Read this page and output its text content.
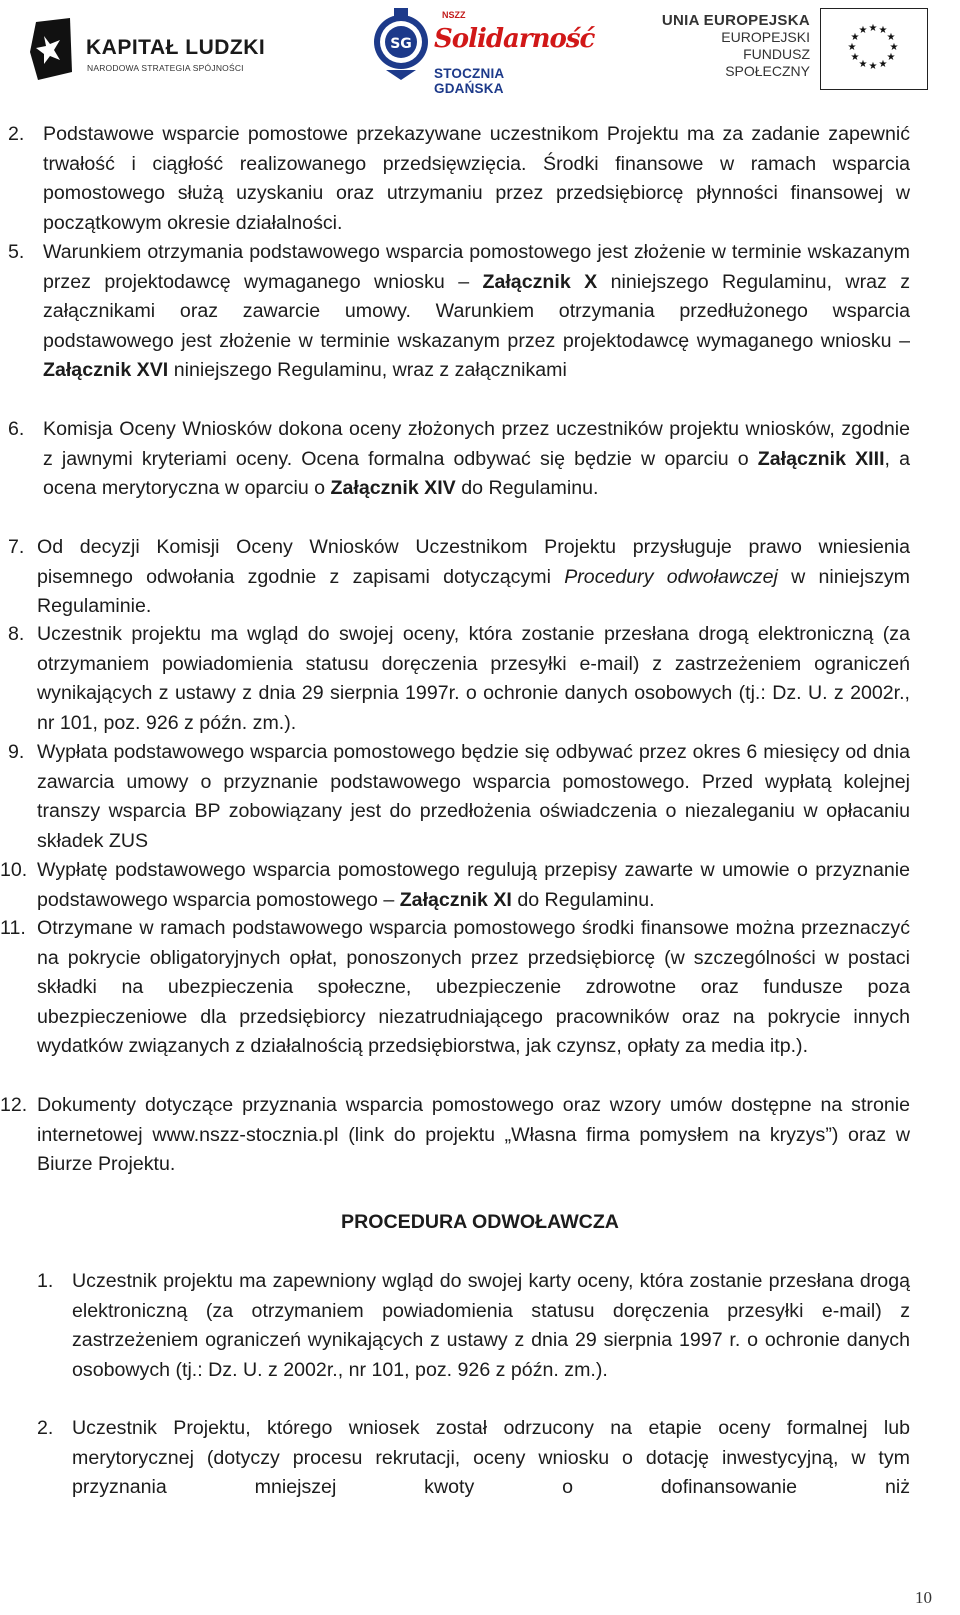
KAPITAŁ LUDZKI
NARODOWA STRATEGIA SPÓJNOŚCI
SG
NSZZ
Solidarność
STOCZNIA GDAŃSKA
UNIA EUROPEJSKA
EUROPEJSKI
FUNDUSZ SPOŁECZNY
★ ★
★
★
★
★
★
★
★
★
★
★
2. Podstawowe wsparcie pomostowe przekazywane uczestnikom Projektu ma za zadanie zapewnić trwałość i ciągłość realizowanego przedsięwzięcia. Środki finansowe w ramach wsparcia pomostowego służą uzyskaniu oraz utrzymaniu przez przedsiębiorcę płynności finansowej w początkowym okresie działalności.
5. Warunkiem otrzymania podstawowego wsparcia pomostowego jest złożenie w terminie wskazanym przez projektodawcę wymaganego wniosku – Załącznik X niniejszego Regulaminu, wraz z załącznikami oraz zawarcie umowy. Warunkiem otrzymania przedłużonego wsparcia podstawowego jest złożenie w terminie wskazanym przez projektodawcę wymaganego wniosku – Załącznik XVI niniejszego Regulaminu, wraz z załącznikami
6. Komisja Oceny Wniosków dokona oceny złożonych przez uczestników projektu wniosków, zgodnie z jawnymi kryteriami oceny. Ocena formalna odbywać się będzie w oparciu o Załącznik XIII, a ocena merytoryczna w oparciu o Załącznik XIV do Regulaminu.
7. Od decyzji Komisji Oceny Wniosków Uczestnikom Projektu przysługuje prawo wniesienia pisemnego odwołania zgodnie z zapisami dotyczącymi Procedury odwoławczej w niniejszym Regulaminie.
8. Uczestnik projektu ma wgląd do swojej oceny, która zostanie przesłana drogą elektroniczną (za otrzymaniem powiadomienia statusu doręczenia przesyłki e-mail) z zastrzeżeniem ograniczeń wynikających z ustawy z dnia 29 sierpnia 1997r. o ochronie danych osobowych (tj.: Dz. U. z 2002r., nr 101, poz. 926 z późn. zm.).
9. Wypłata podstawowego wsparcia pomostowego będzie się odbywać przez okres 6 miesięcy od dnia zawarcia umowy o przyznanie podstawowego wsparcia pomostowego. Przed wypłatą kolejnej transzy wsparcia BP zobowiązany jest do przedłożenia oświadczenia o niezaleganiu w opłacaniu składek ZUS
10. Wypłatę podstawowego wsparcia pomostowego regulują przepisy zawarte w umowie o przyznanie podstawowego wsparcia pomostowego – Załącznik XI do Regulaminu.
11. Otrzymane w ramach podstawowego wsparcia pomostowego środki finansowe można przeznaczyć na pokrycie obligatoryjnych opłat, ponoszonych przez przedsiębiorcę (w szczególności w postaci składki na ubezpieczenia społeczne, ubezpieczenie zdrowotne oraz fundusze poza ubezpieczeniowe dla przedsiębiorcy niezatrudniającego pracowników oraz na pokrycie innych wydatków związanych z działalnością przedsiębiorstwa, jak czynsz, opłaty za media itp.).
12. Dokumenty dotyczące przyznania wsparcia pomostowego oraz wzory umów dostępne na stronie internetowej www.nszz-stocznia.pl (link do projektu „Własna firma pomysłem na kryzys”) oraz w Biurze Projektu.
PROCEDURA ODWOŁAWCZA
1. Uczestnik projektu ma zapewniony wgląd do swojej karty oceny, która zostanie przesłana drogą elektroniczną (za otrzymaniem powiadomienia statusu doręczenia przesyłki e-mail) z zastrzeżeniem ograniczeń wynikających z ustawy z dnia 29 sierpnia 1997 r. o ochronie danych osobowych (tj.: Dz. U. z 2002r., nr 101, poz. 926 z późn. zm.).
2. Uczestnik Projektu, którego wniosek został odrzucony na etapie oceny formalnej lub merytorycznej (dotyczy procesu rekrutacji, oceny wniosku o dotację inwestycyjną, w tym przyznania mniejszej kwoty o dofinansowanie niż
10
